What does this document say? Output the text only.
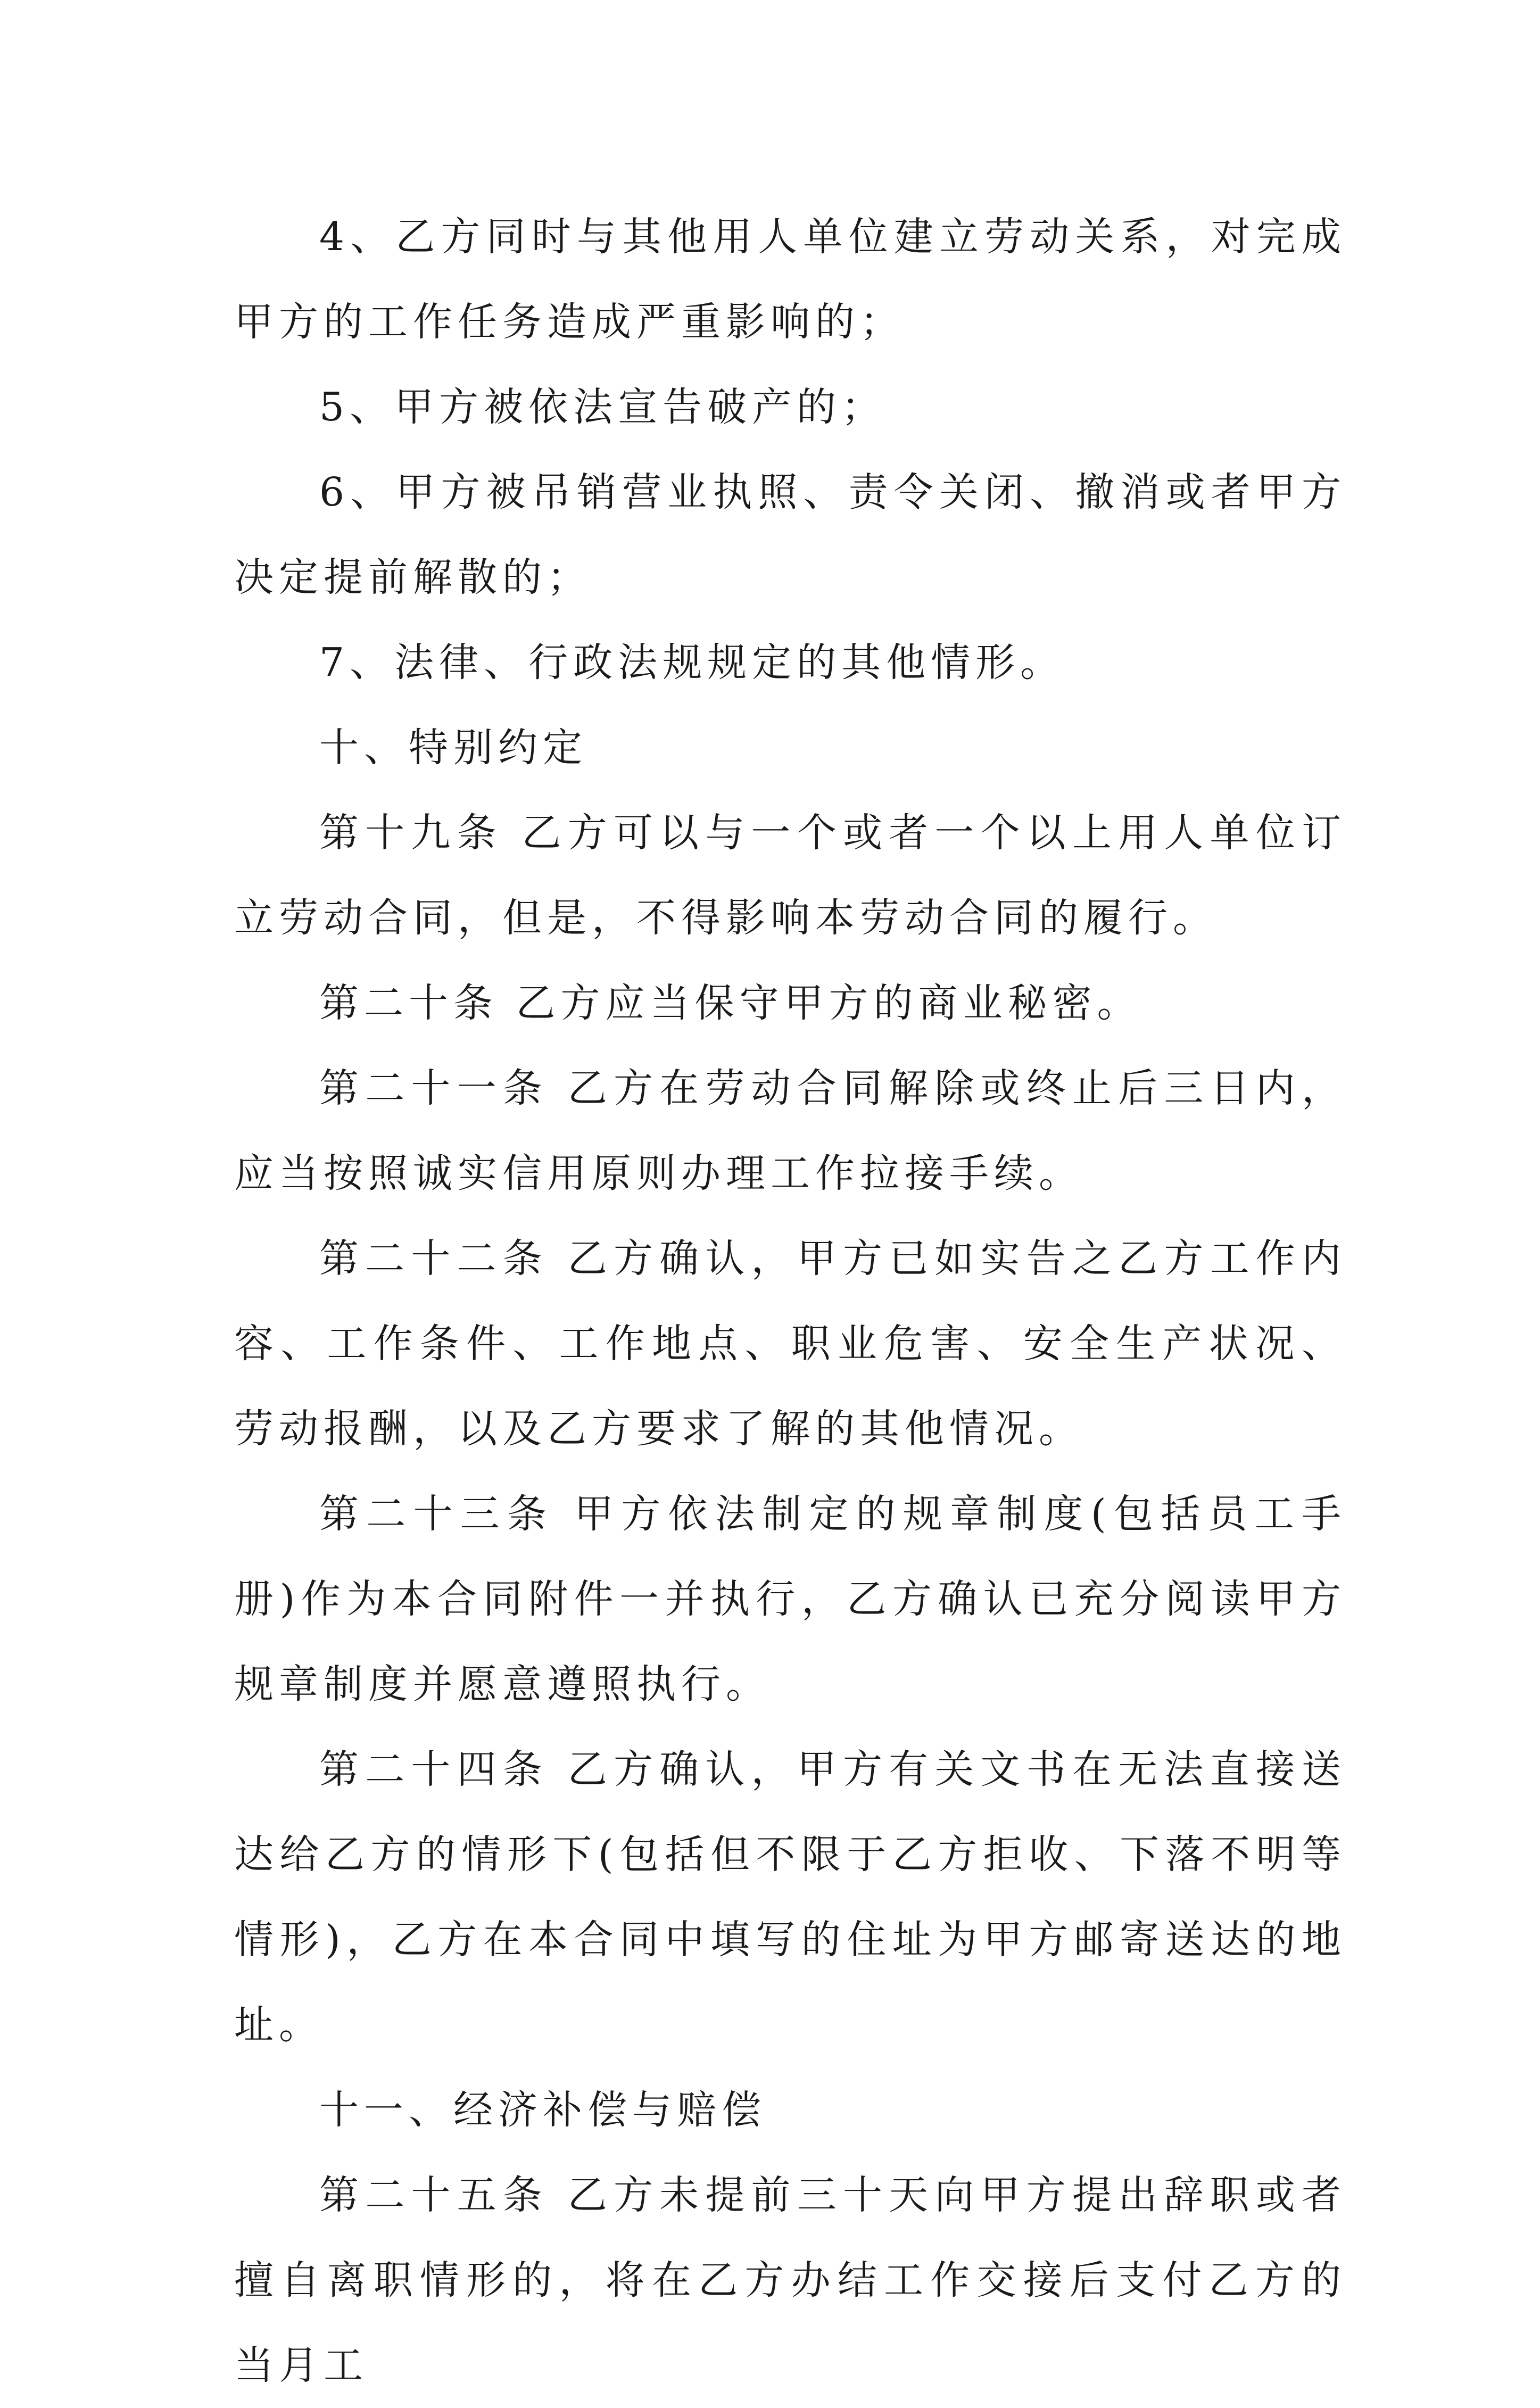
4、乙方同时与其他用人单位建立劳动关系，对完成甲方的工作任务造成严重影响的；

5、甲方被依法宣告破产的；

6、甲方被吊销营业执照、责令关闭、撤消或者甲方决定提前解散的；

7、法律、行政法规规定的其他情形。

十、特别约定

第十九条 乙方可以与一个或者一个以上用人单位订立劳动合同，但是，不得影响本劳动合同的履行。

第二十条 乙方应当保守甲方的商业秘密。

第二十一条 乙方在劳动合同解除或终止后三日内，应当按照诚实信用原则办理工作拉接手续。

第二十二条 乙方确认，甲方已如实告之乙方工作内容、工作条件、工作地点、职业危害、安全生产状况、劳动报酬，以及乙方要求了解的其他情况。

第二十三条 甲方依法制定的规章制度(包括员工手册)作为本合同附件一并执行，乙方确认已充分阅读甲方规章制度并愿意遵照执行。

第二十四条 乙方确认，甲方有关文书在无法直接送达给乙方的情形下(包括但不限于乙方拒收、下落不明等情形)，乙方在本合同中填写的住址为甲方邮寄送达的地址。

十一、经济补偿与赔偿

第二十五条 乙方未提前三十天向甲方提出辞职或者擅自离职情形的，将在乙方办结工作交接后支付乙方的当月工
